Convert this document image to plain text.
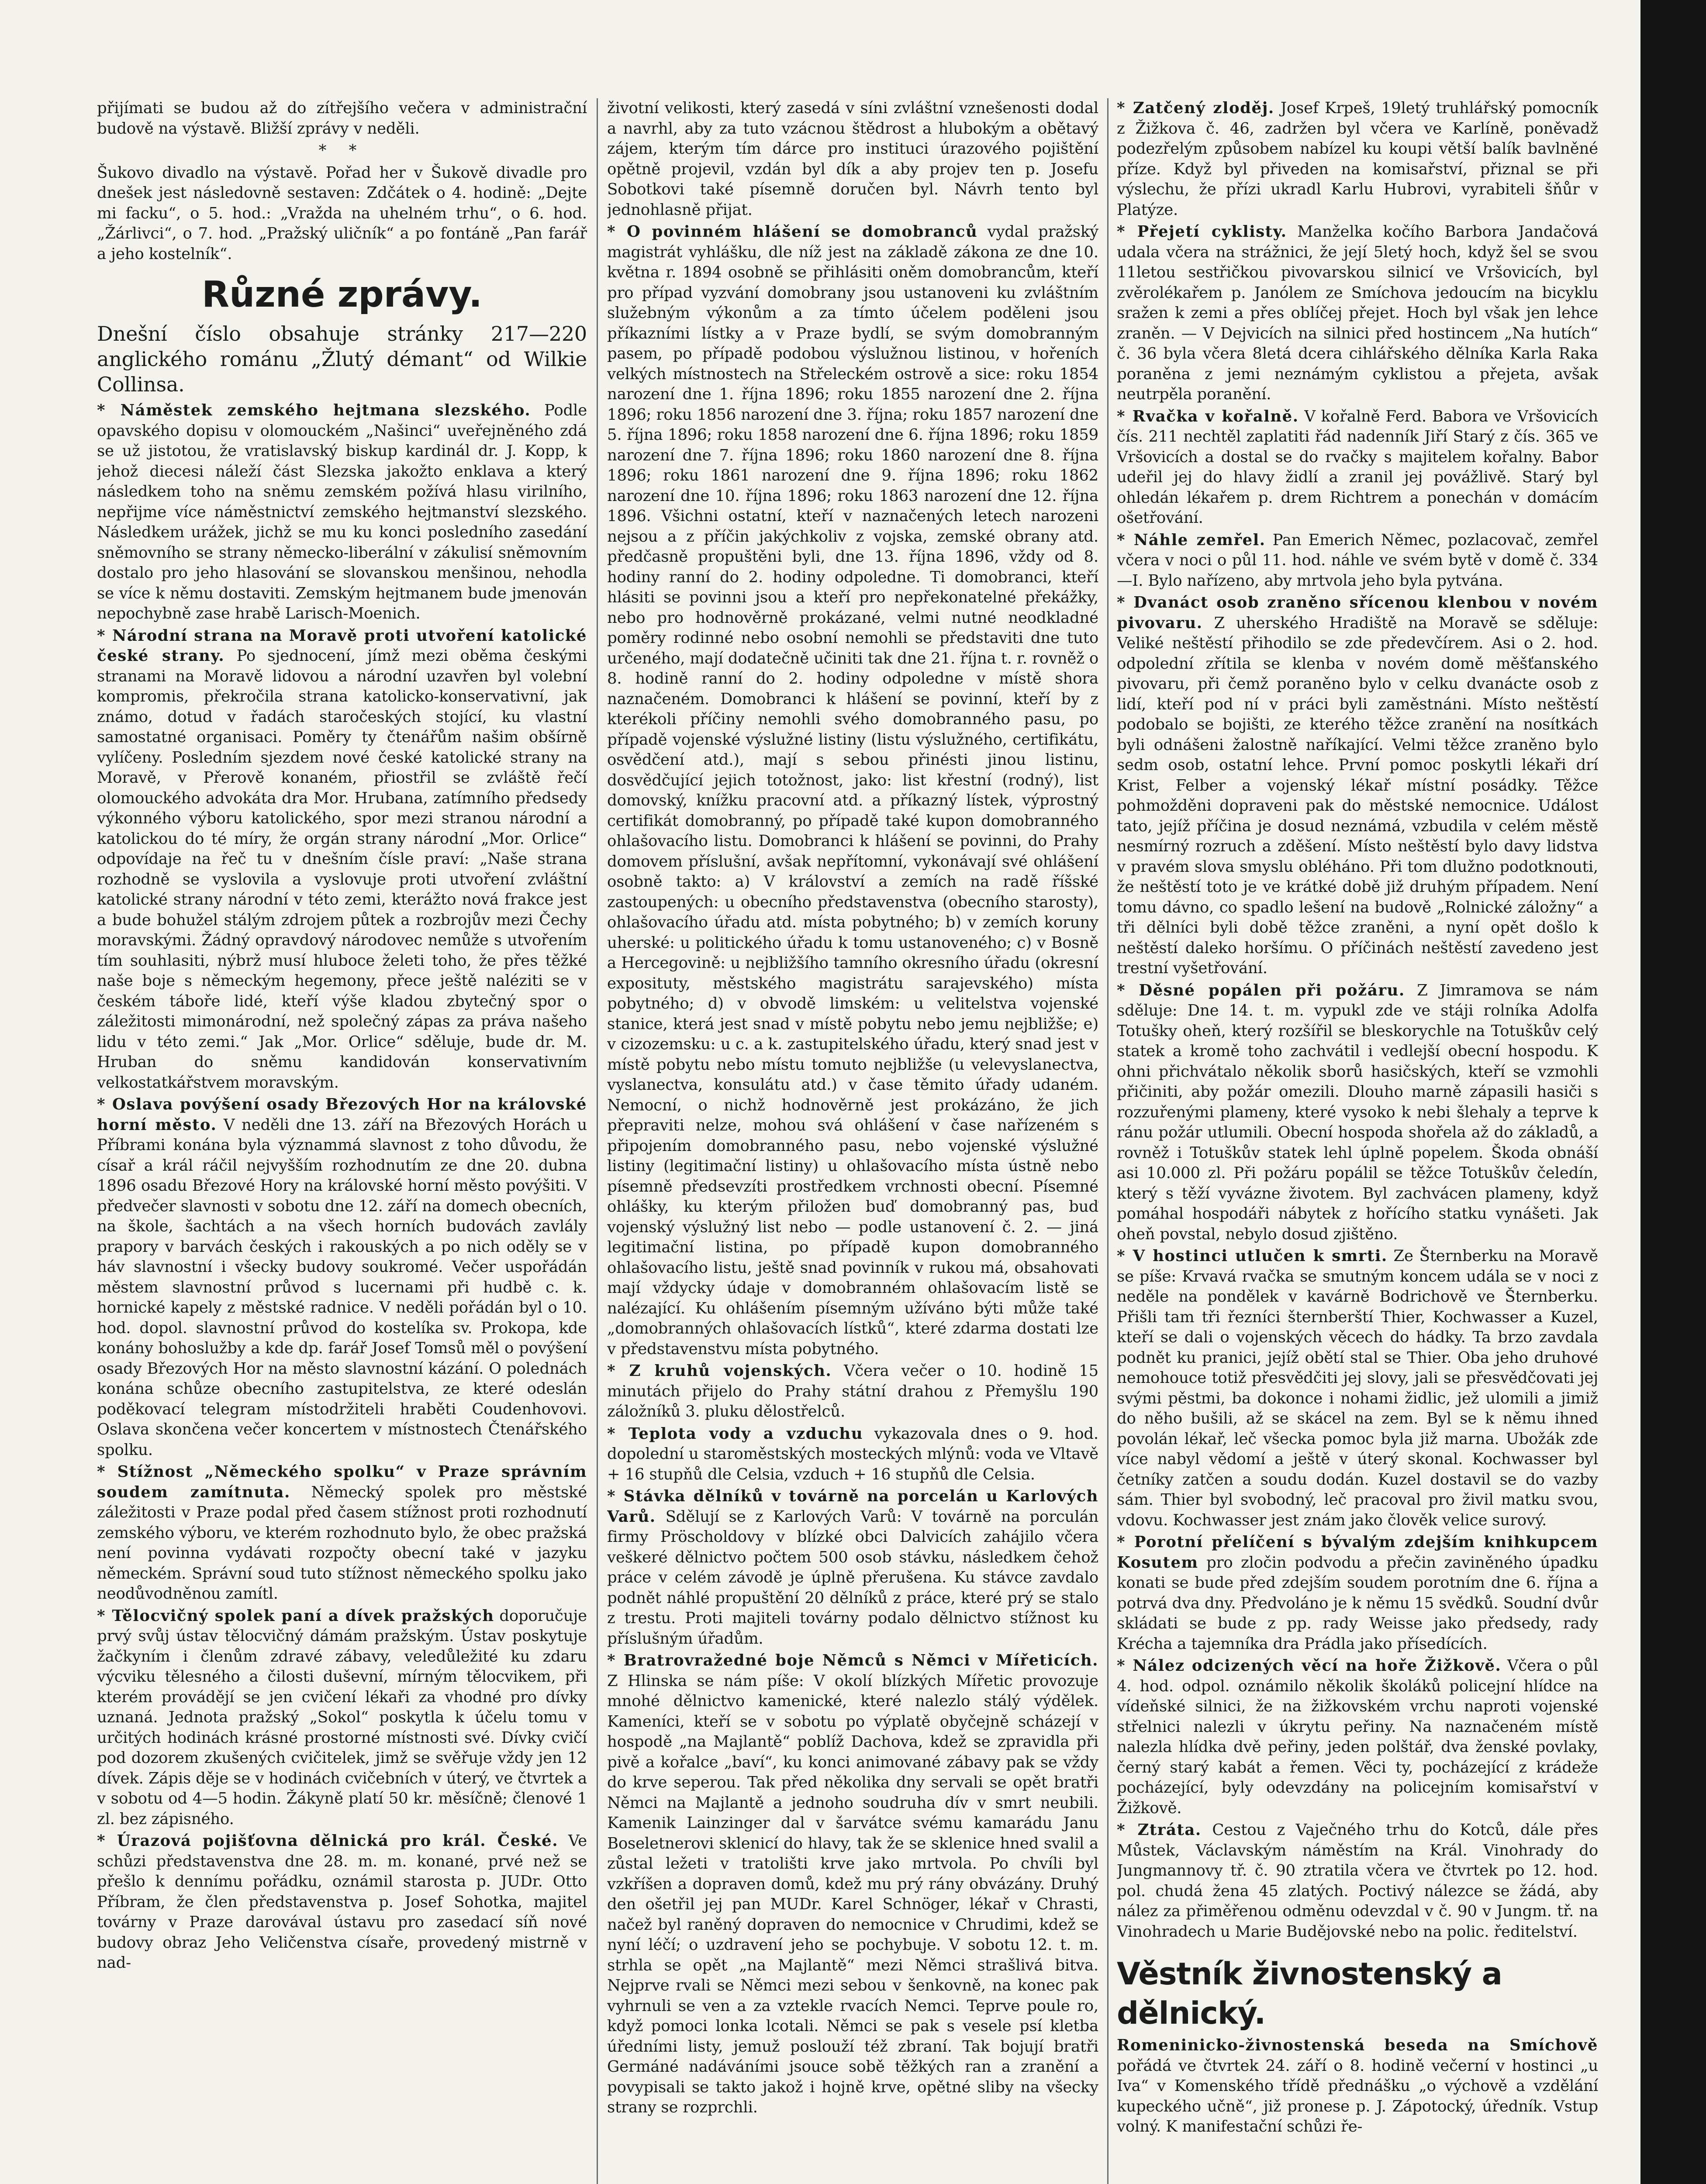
přijímati se budou až do zítřejšího večera v administrační budově na výstavě. Bližší zprávy v neděli.

* *

Šukovo divadlo na výstavě. Pořad her v Šukově divadle pro dnešek jest následovně sestaven: Zdčátek o 4. hodině: „Dejte mi facku“, o 5. hod.: „Vražda na uhelném trhu“, o 6. hod. „Žárlivci“, o 7. hod. „Pražský uličník“ a po fontáně „Pan farář a jeho kostelník“.

Různé zprávy.

Dnešní číslo obsahuje stránky 217—220 anglického románu „Žlutý démant“ od Wilkie Collinsa.

* Náměstek zemského hejtmana slezského. Podle opavského dopisu v olomouckém „Našinci“ uveřejněného zdá se už jistotou, že vratislavský biskup kardinál dr. J. Kopp, k jehož diecesi náleží část Slezska jakožto enklava a který následkem toho na sněmu zemském požívá hlasu virilního, nepřijme více náměstnictví zemského hejtmanství slezského. Následkem urážek, jichž se mu ku konci posledního zasedání sněmovního se strany německo-liberální v zákulisí sněmovním dostalo pro jeho hlasování se slovanskou menšinou, nehodla se více k němu dostaviti. Zemským hejtmanem bude jmenován nepochybně zase hrabě Larisch-Moenich.

* Národní strana na Moravě proti utvoření katolické české strany. Po sjednocení, jímž mezi oběma českými stranami na Moravě lidovou a národní uzavřen byl volební kompromis, překročila strana katolicko-konservativní, jak známo, dotud v řadách staročeských stojící, ku vlastní samostatné organisaci. Poměry ty čtenářům našim obšírně vylíčeny. Posledním sjezdem nové české katolické strany na Moravě, v Přerově konaném, přiostřil se zvláště řečí olomouckého advokáta dra Mor. Hrubana, zatímního předsedy výkonného výboru katolického, spor mezi stranou národní a katolickou do té míry, že orgán strany národní „Mor. Orlice“ odpovídaje na řeč tu v dnešním čísle praví: „Naše strana rozhodně se vyslovila a vyslovuje proti utvoření zvláštní katolické strany národní v této zemi, kterážto nová frakce jest a bude bohužel stálým zdrojem půtek a rozbrojův mezi Čechy moravskými. Žádný opravdový národovec nemůže s utvořením tím souhlasiti, nýbrž musí hluboce želeti toho, že přes těžké naše boje s německým hegemony, přece ještě naléziti se v českém táboře lidé, kteří výše kladou zbytečný spor o záležitosti mimonárodní, než společný zápas za práva našeho lidu v této zemi.“ Jak „Mor. Orlice“ sděluje, bude dr. M. Hruban do sněmu kandidován konservativním velkostatkářstvem moravským.

* Oslava povýšení osady Březových Hor na královské horní město. V neděli dne 13. září na Březových Horách u Příbrami konána byla význammá slavnost z toho důvodu, že císař a král ráčil nejvyšším rozhodnutím ze dne 20. dubna 1896 osadu Březové Hory na královské horní město povýšiti. V předvečer slavnosti v sobotu dne 12. září na domech obecních, na škole, šachtách a na všech horních budovách zavlály prapory v barvách českých i rakouských a po nich oděly se v háv slavnostní i všecky budovy soukromé. Večer uspořádán městem slavnostní průvod s lucernami při hudbě c. k. hornické kapely z městské radnice. V neděli pořádán byl o 10. hod. dopol. slavnostní průvod do kostelíka sv. Prokopa, kde konány bohoslužby a kde dp. farář Josef Tomsů měl o povýšení osady Březových Hor na město slavnostní kázání. O polednách konána schůze obecního zastupitelstva, ze které odeslán poděkovací telegram místodržiteli hraběti Coudenhovovi. Oslava skončena večer koncertem v místnostech Čtenářského spolku.

* Stížnost „Německého spolku“ v Praze správním soudem zamítnuta. Německý spolek pro městské záležitosti v Praze podal před časem stížnost proti rozhodnutí zemského výboru, ve kterém rozhodnuto bylo, že obec pražská není povinna vydávati rozpočty obecní také v jazyku německém. Správní soud tuto stížnost německého spolku jako neodůvodněnou zamítl.

* Tělocvičný spolek paní a dívek pražských doporučuje prvý svůj ústav tělocvičný dámám pražským. Ústav poskytuje žačkyním i členům zdravé zábavy, veledůležité ku zdaru výcviku tělesného a čilosti duševní, mírným tělocvikem, při kterém provádějí se jen cvičení lékaři za vhodné pro dívky uznaná. Jednota pražský „Sokol“ poskytla k účelu tomu v určitých hodinách krásné prostorné místnosti své. Dívky cvičí pod dozorem zkušených cvičitelek, jimž se svěřuje vždy jen 12 dívek. Zápis děje se v hodinách cvičebních v úterý, ve čtvrtek a v sobotu od 4—5 hodin. Žákyně platí 50 kr. měsíčně; členové 1 zl. bez zápisného.

* Úrazová pojišťovna dělnická pro král. České. Ve schůzi představenstva dne 28. m. m. konané, prvé než se přešlo k dennímu pořádku, oznámil starosta p. JUDr. Otto Příbram, že člen představenstva p. Josef Sohotka, majitel továrny v Praze darovával ústavu pro zasedací síň nové budovy obraz Jeho Veličenstva císaře, provedený mistrně v nad-

životní velikosti, který zasedá v síni zvláštní vznešenosti dodal a navrhl, aby za tuto vzácnou štědrost a hlubokým a obětavý zájem, kterým tím dárce pro instituci úrazového pojištění opětně projevil, vzdán byl dík a aby projev ten p. Josefu Sobotkovi také písemně doručen byl. Návrh tento byl jednohlasně přijat.

* O povinném hlášení se domobranců vydal pražský magistrát vyhlášku, dle níž jest na základě zákona ze dne 10. května r. 1894 osobně se přihlásiti oněm domobrancům, kteří pro případ vyzvání domobrany jsou ustanoveni ku zvláštním služebným výkonům a za tímto účelem poděleni jsou příkazními lístky a v Praze bydlí, se svým domobranným pasem, po případě podobou výslužnou listinou, v hořeních velkých místnostech na Střeleckém ostrově a sice: roku 1854 narození dne 1. října 1896; roku 1855 narození dne 2. října 1896; roku 1856 narození dne 3. října; roku 1857 narození dne 5. října 1896; roku 1858 narození dne 6. října 1896; roku 1859 narození dne 7. října 1896; roku 1860 narození dne 8. října 1896; roku 1861 narození dne 9. října 1896; roku 1862 narození dne 10. října 1896; roku 1863 narození dne 12. října 1896. Všichni ostatní, kteří v naznačených letech narozeni nejsou a z příčin jakýchkoliv z vojska, zemské obrany atd. předčasně propuštěni byli, dne 13. října 1896, vždy od 8. hodiny ranní do 2. hodiny odpoledne. Ti domobranci, kteří hlásiti se povinni jsou a kteří pro nepřekonatelné překážky, nebo pro hodnověrně prokázané, velmi nutné neodkladné poměry rodinné nebo osobní nemohli se představiti dne tuto určeného, mají dodatečně učiniti tak dne 21. října t. r. rovněž o 8. hodině ranní do 2. hodiny odpoledne v místě shora naznačeném. Domobranci k hlášení se povinní, kteří by z kterékoli příčiny nemohli svého domobranného pasu, po případě vojenské výslužné listiny (listu výslužného, certifikátu, osvědčení atd.), mají s sebou přinésti jinou listinu, dosvědčující jejich totožnost, jako: list křestní (rodný), list domovský, knížku pracovní atd. a příkazný lístek, výprostný certifikát domobranný, po případě také kupon domobranného ohlašovacího listu. Domobranci k hlášení se povinni, do Prahy domovem příslušní, avšak nepřítomní, vykonávají své ohlášení osobně takto: a) V království a zemích na radě říšské zastoupených: u obecního představenstva (obecního starosty), ohlašovacího úřadu atd. místa pobytného; b) v zemích koruny uherské: u politického úřadu k tomu ustanoveného; c) v Bosně a Hercegovině: u nejbližšího tamního okresního úřadu (okresní exposituty, městského magistrátu sarajevského) místa pobytného; d) v obvodě limském: u velitelstva vojenské stanice, která jest snad v místě pobytu nebo jemu nejbližše; e) v cizozemsku: u c. a k. zastupitelského úřadu, který snad jest v místě pobytu nebo místu tomuto nejbližše (u velevyslanectva, vyslanectva, konsulátu atd.) v čase těmito úřady udaném. Nemocní, o nichž hodnověrně jest prokázáno, že jich přepraviti nelze, mohou svá ohlášení v čase nařízeném s připojením domobranného pasu, nebo vojenské výslužné listiny (legitimační listiny) u ohlašovacího místa ústně nebo písemně předsevzíti prostředkem vrchnosti obecní. Písemné ohlášky, ku kterým přiložen buď domobranný pas, buď vojenský výslužný list nebo — podle ustanovení č. 2. — jiná legitimační listina, po případě kupon domobranného ohlašovacího listu, ještě snad povinník v rukou má, obsahovati mají vždycky údaje v domobranném ohlašovacím listě se nalézající. Ku ohlášením písemným užíváno býti může také „domobranných ohlašovacích lístků“, které zdarma dostati lze v představenstvu místa pobytného.

* Z kruhů vojenských. Včera večer o 10. hodině 15 minutách přijelo do Prahy státní drahou z Přemyšlu 190 záložníků 3. pluku dělostřelců.

* Teplota vody a vzduchu vykazovala dnes o 9. hod. dopolední u staroměstských mosteckých mlýnů: voda ve Vltavě + 16 stupňů dle Celsia, vzduch + 16 stupňů dle Celsia.

* Stávka dělníků v továrně na porcelán u Karlových Varů. Sdělují se z Karlových Varů: V továrně na porculán firmy Pröscholdovy v blízké obci Dalvicích zahájilo včera veškeré dělnictvo počtem 500 osob stávku, následkem čehož práce v celém závodě je úplně přerušena. Ku stávce zavdalo podnět náhlé propuštění 20 dělníků z práce, které prý se stalo z trestu. Proti majiteli továrny podalo dělnictvo stížnost ku příslušným úřadům.

* Bratrovražedné boje Němců s Němci v Mířeticích. Z Hlinska se nám píše: V okolí blízkých Mířetic provozuje mnohé dělnictvo kamenické, které nalezlo stálý výdělek. Kameníci, kteří se v sobotu po výplatě obyčejně scházejí v hospodě „na Majlantě“ poblíž Dachova, kdež se zpravidla při pivě a kořalce „baví“, ku konci animované zábavy pak se vždy do krve seperou. Tak před několika dny servali se opět bratři Němci na Majlantě a jednoho soudruha dív v smrt neubili. Kamenik Lainzinger dal v šarvátce svému kamarádu Janu Boseletnerovi sklenicí do hlavy, tak že se sklenice hned svalil a zůstal ležeti v tratolišti krve jako mrtvola. Po chvíli byl vzkříšen a dopraven domů, kdež mu prý rány obvázány. Druhý den ošetřil jej pan MUDr. Karel Schnöger, lékař v Chrasti, načež byl raněný dopraven do nemocnice v Chrudimi, kdež se nyní léčí; o uzdravení jeho se pochybuje. V sobotu 12. t. m. strhla se opět „na Majlantě“ mezi Němci strašlivá bitva. Nejprve rvali se Němci mezi sebou v šenkovně, na konec pak vyhrnuli se ven a za vztekle rvacích Nemci. Teprve poule ro, když pomoci lonka lcotali. Němci se pak s vesele psí kletba úředními listy, jemuž poslouží též zbraní. Tak bojují bratři Germáné nadáváními jsouce sobě těžkých ran a zranění a povypisali se takto jakož i hojně krve, opětné sliby na všecky strany se rozprchli.

* Zatčený zloděj. Josef Krpeš, 19letý truhlářský pomocník z Žižkova č. 46, zadržen byl včera ve Karlíně, poněvadž podezřelým způsobem nabízel ku koupi větší balík bavlněné příze. Když byl přiveden na komisařství, přiznal se při výslechu, že přízi ukradl Karlu Hubrovi, vyrabiteli šňůr v Platýze.

* Přejetí cyklisty. Manželka kočího Barbora Jandačová udala včera na strážnici, že její 5letý hoch, když šel se svou 11letou sestřičkou pivovarskou silnicí ve Vršovicích, byl zvěrolékařem p. Janólem ze Smíchova jedoucím na bicyklu sražen k zemi a přes oblíčej přejet. Hoch byl však jen lehce zraněn. — V Dejvicích na silnici před hostincem „Na hutích“ č. 36 byla včera 8letá dcera cihlářského dělníka Karla Raka poraněna z jemi neznámým cyklistou a přejeta, avšak neutrpěla poranění.

* Rvačka v kořalně. V kořalně Ferd. Babora ve Vršovicích čís. 211 nechtěl zaplatiti řád nadenník Jiří Starý z čís. 365 ve Vršovicích a dostal se do rvačky s majitelem kořalny. Babor udeřil jej do hlavy židlí a zranil jej povážlivě. Starý byl ohledán lékařem p. drem Richtrem a ponechán v domácím ošetřování.

* Náhle zemřel. Pan Emerich Němec, pozlacovač, zemřel včera v noci o půl 11. hod. náhle ve svém bytě v domě č. 334—I. Bylo nařízeno, aby mrtvola jeho byla pytvána.

* Dvanáct osob zraněno sřícenou klenbou v novém pivovaru. Z uherského Hradiště na Moravě se sděluje: Veliké neštěstí přihodilo se zde předevčírem. Asi o 2. hod. odpolední zřítila se klenba v novém domě měšťanského pivovaru, při čemž poraněno bylo v celku dvanácte osob z lidí, kteří pod ní v práci byli zaměstnáni. Místo neštěstí podobalo se bojišti, ze kterého těžce zranění na nosítkách byli odnášeni žalostně naříkající. Velmi těžce zraněno bylo sedm osob, ostatní lehce. První pomoc poskytli lékaři drí Krist, Felber a vojenský lékař místní posádky. Těžce pohmožděni dopraveni pak do městské nemocnice. Událost tato, jejíž příčina je dosud neznámá, vzbudila v celém městě nesmírný rozruch a zděšení. Místo neštěstí bylo davy lidstva v pravém slova smyslu obléháno. Při tom dlužno podotknouti, že neštěstí toto je ve krátké době již druhým případem. Není tomu dávno, co spadlo lešení na budově „Rolnické záložny“ a tři dělníci byli době těžce zraněni, a nyní opět došlo k neštěstí daleko horšímu. O příčinách neštěstí zavedeno jest trestní vyšetřování.

* Děsné popálen při požáru. Z Jimramova se nám sděluje: Dne 14. t. m. vypukl zde ve stáji rolníka Adolfa Totušky oheň, který rozšířil se bleskorychle na Totuškův celý statek a kromě toho zachvátil i vedlejší obecní hospodu. K ohni přichvátalo několik sborů hasičských, kteří se vzmohli přičiniti, aby požár omezili. Dlouho marně zápasili hasiči s rozzuřenými plameny, které vysoko k nebi šlehaly a teprve k ránu požár utlumili. Obecní hospoda shořela až do základů, a rovněž i Totuškův statek lehl úplně popelem. Škoda obnáší asi 10.000 zl. Při požáru popálil se těžce Totuškův čeledín, který s těží vyvázne životem. Byl zachvácen plameny, když pomáhal hospodáři nábytek z hořícího statku vynášeti. Jak oheň povstal, nebylo dosud zjištěno.

* V hostinci utlučen k smrti. Ze Šternberku na Moravě se píše: Krvavá rvačka se smutným koncem udála se v noci z neděle na pondělek v kavárně Bodrichově ve Šternberku. Přišli tam tři řezníci šternberští Thier, Kochwasser a Kuzel, kteří se dali o vojenských věcech do hádky. Ta brzo zavdala podnět ku pranici, jejíž obětí stal se Thier. Oba jeho druhové nemohouce totiž přesvědčiti jej slovy, jali se přesvědčovati jej svými pěstmi, ba dokonce i nohami židlic, jež ulomili a jimiž do něho bušili, až se skácel na zem. Byl se k němu ihned povolán lékař, leč všecka pomoc byla již marna. Ubožák zde více nabyl vědomí a ještě v úterý skonal. Kochwasser byl četníky zatčen a soudu dodán. Kuzel dostavil se do vazby sám. Thier byl svobodný, leč pracoval pro živil matku svou, vdovu. Kochwasser jest znám jako člověk velice surový.

* Porotní přelíčení s bývalým zdejším knihkupcem Kosutem pro zločin podvodu a přečin zaviněného úpadku konati se bude před zdejším soudem porotním dne 6. října a potrvá dva dny. Předvoláno je k němu 15 svědků. Soudní dvůr skládati se bude z pp. rady Weisse jako předsedy, rady Krécha a tajemníka dra Prádla jako přísedících.

* Nález odcizených věcí na hoře Žižkově. Včera o půl 4. hod. odpol. oznámilo několik školáků policejní hlídce na vídeňské silnici, že na žižkovském vrchu naproti vojenské střelnici nalezli v úkrytu peřiny. Na naznačeném místě nalezla hlídka dvě peřiny, jeden polštář, dva ženské povlaky, černý starý kabát a řemen. Věci ty, pocházející z krádeže pocházející, byly odevzdány na policejním komisařství v Žižkově.

* Ztráta. Cestou z Vaječného trhu do Kotců, dále přes Můstek, Václavským náměstím na Král. Vinohrady do Jungmannovy tř. č. 90 ztratila včera ve čtvrtek po 12. hod. pol. chudá žena 45 zlatých. Poctivý nálezce se žádá, aby nález za přiměřenou odměnu odevzdal v č. 90 v Jungm. tř. na Vinohradech u Marie Budějovské nebo na polic. ředitelství.

Věstník živnostenský a dělnický.

Romeninicko-živnostenská beseda na Smíchově pořádá ve čtvrtek 24. září o 8. hodině večerní v hostinci „u Iva“ v Komenského třídě přednášku „o výchově a vzdělání kupeckého učně“, již pronese p. J. Zápotocký, úředník. Vstup volný. K manifestační schůzi ře-
